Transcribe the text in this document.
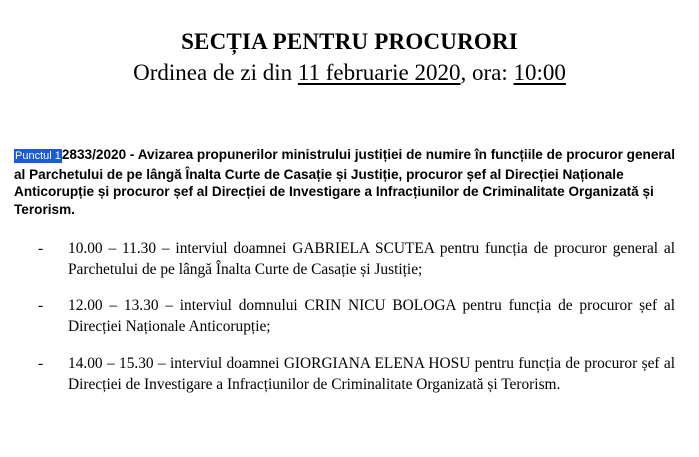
SECȚIA PENTRU PROCURORI
Ordinea de zi din 11 februarie 2020, ora: 10:00
Punctul 12833/2020 - Avizarea propunerilor ministrului justiției de numire în funcțiile de procuror general al Parchetului de pe lângă Înalta Curte de Casație și Justiție, procuror șef al Direcției Naționale Anticorupție și procuror șef al Direcției de Investigare a Infracțiunilor de Criminalitate Organizată și Terorism.
- 10.00 – 11.30 – interviul doamnei GABRIELA SCUTEA pentru funcția de procuror general al Parchetului de pe lângă Înalta Curte de Casație și Justiție;
- 12.00 – 13.30 – interviul domnului CRIN NICU BOLOGA pentru funcția de procuror șef al Direcției Naționale Anticorupție;
- 14.00 – 15.30 – interviul doamnei GIORGIANA ELENA HOSU pentru funcția de procuror șef al Direcției de Investigare a Infracțiunilor de Criminalitate Organizată și Terorism.
